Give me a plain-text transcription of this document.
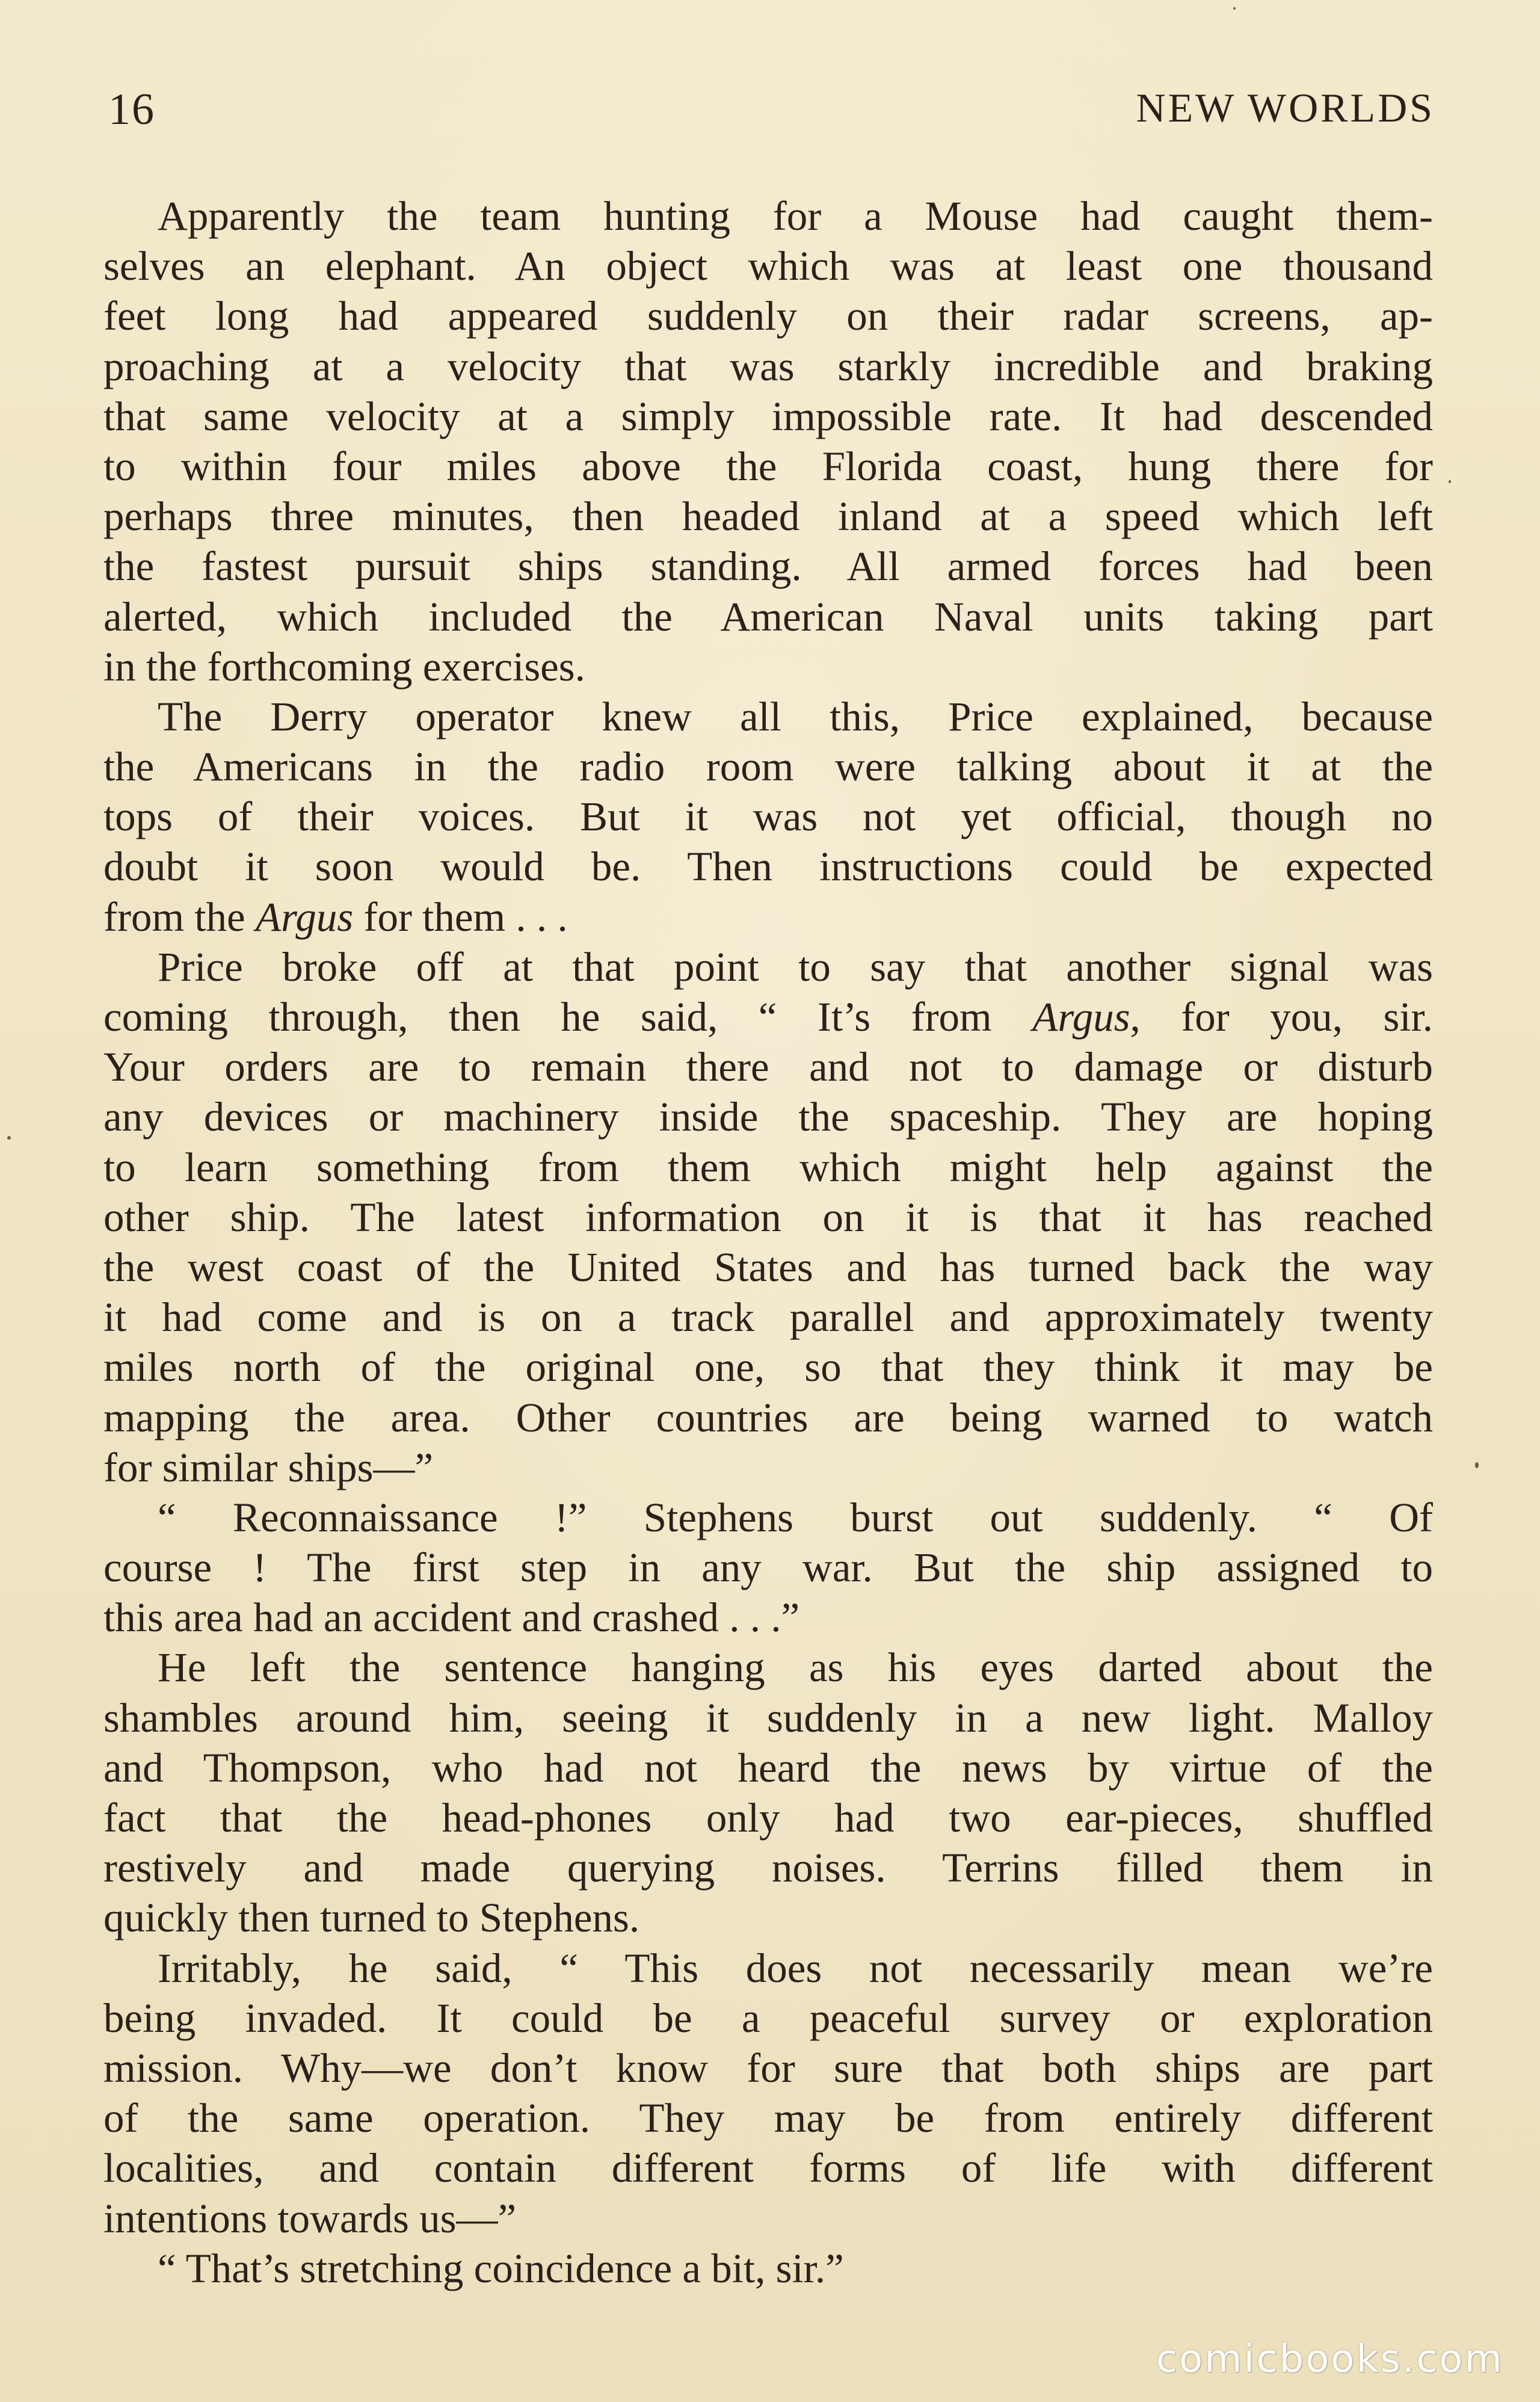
16	NEW WORLDS
Apparently the team hunting for a Mouse had caught them-
selves an elephant. An object which was at least one thousand
feet long had appeared suddenly on their radar screens, ap-
proaching at a velocity that was starkly incredible and braking
that same velocity at a simply impossible rate. It had descended
to within four miles above the Florida coast, hung there for
perhaps three minutes, then headed inland at a speed which left
the fastest pursuit ships standing. All armed forces had been
alerted, which included the American Naval units taking part
in the forthcoming exercises.
The Derry operator knew all this, Price explained, because
the Americans in the radio room were talking about it at the
tops of their voices. But it was not yet official, though no
doubt it soon would be. Then instructions could be expected
from the Argus for them . . .
Price broke off at that point to say that another signal was
coming through, then he said, “ It’s from Argus, for you, sir.
Your orders are to remain there and not to damage or disturb
any devices or machinery inside the spaceship. They are hoping
to learn something from them which might help against the
other ship. The latest information on it is that it has reached
the west coast of the United States and has turned back the way
it had come and is on a track parallel and approximately twenty
miles north of the original one, so that they think it may be
mapping the area. Other countries are being warned to watch
for similar ships—”
“ Reconnaissance !” Stephens burst out suddenly. “ Of
course ! The first step in any war. But the ship assigned to
this area had an accident and crashed . . .”
He left the sentence hanging as his eyes darted about the
shambles around him, seeing it suddenly in a new light. Malloy
and Thompson, who had not heard the news by virtue of the
fact that the head-phones only had two ear-pieces, shuffled
restively and made querying noises. Terrins filled them in
quickly then turned to Stephens.
Irritably, he said, “ This does not necessarily mean we’re
being invaded. It could be a peaceful survey or exploration
mission. Why—we don’t know for sure that both ships are part
of the same operation. They may be from entirely different
localities, and contain different forms of life with different
intentions towards us—”
“ That’s stretching coincidence a bit, sir.”
comicbooks.com
